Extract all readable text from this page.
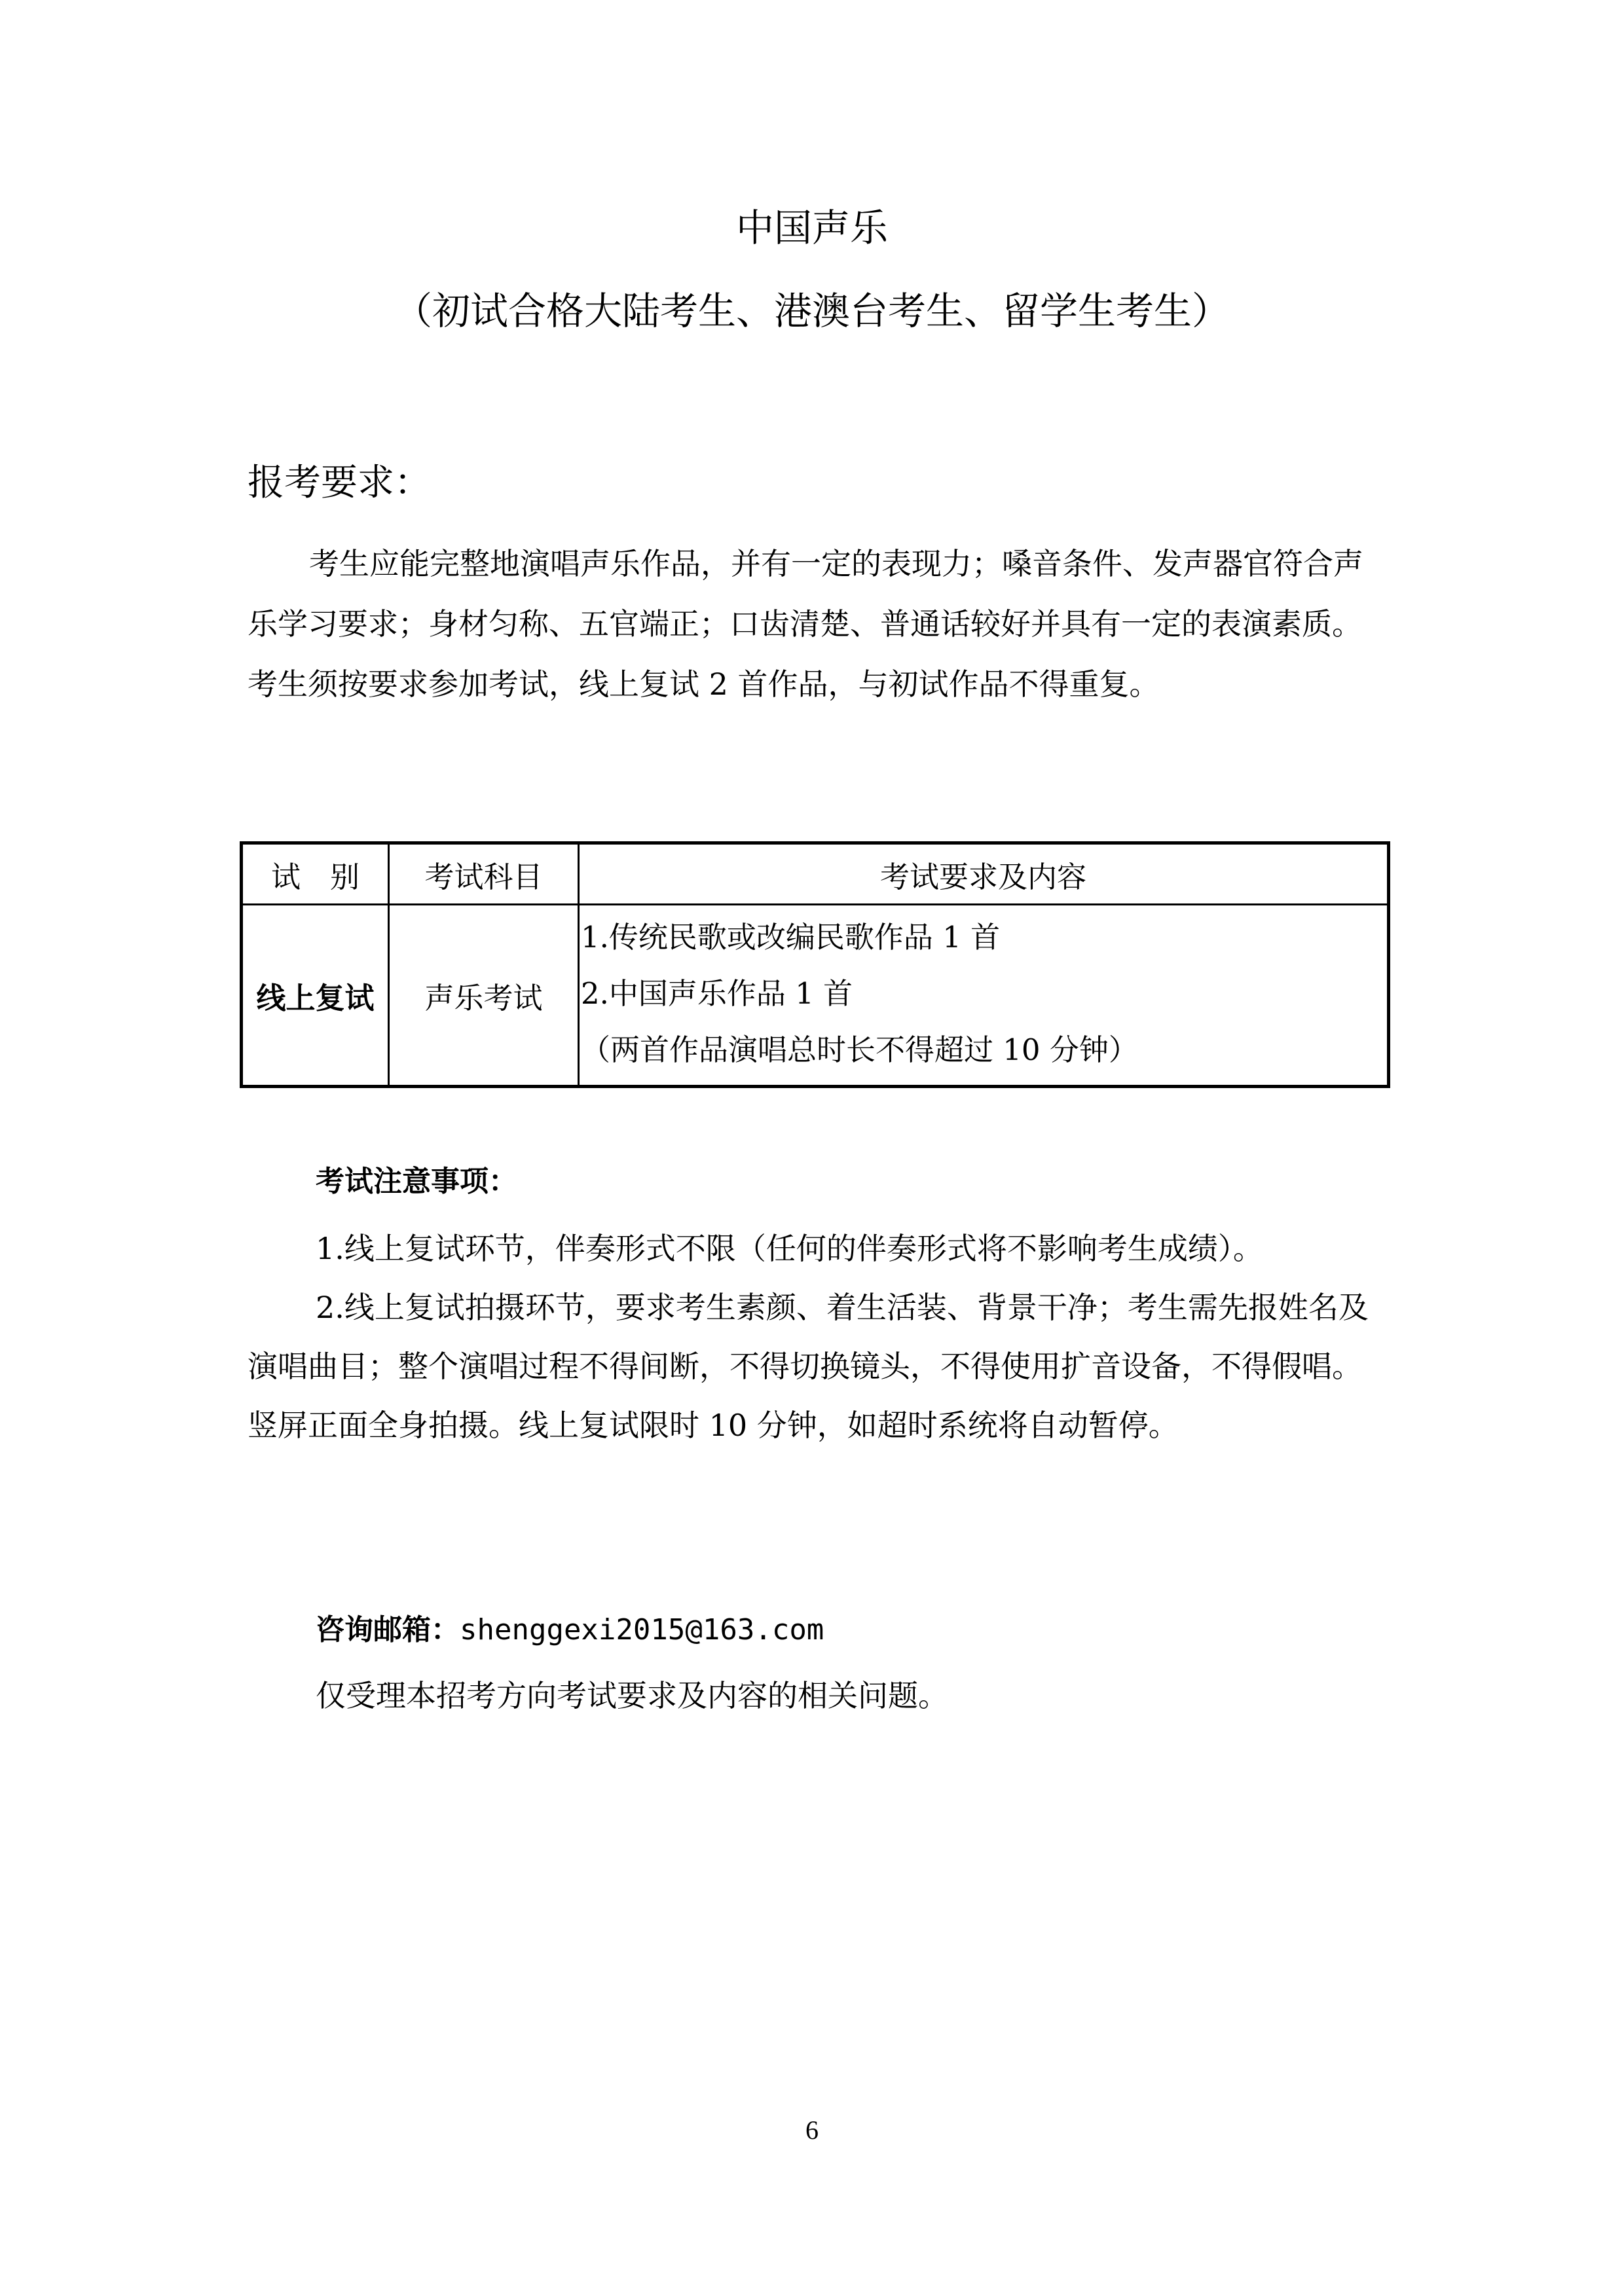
中国声乐
（初试合格大陆考生、港澳台考生、留学生考生）
报考要求：

考生应能完整地演唱声乐作品，并有一定的表现力；嗓音条件、发声器官符合声乐学习要求；身材匀称、五官端正；口齿清楚、普通话较好并具有一定的表演素质。考生须按要求参加考试，线上复试 2 首作品，与初试作品不得重复。

试　别	考试科目	考试要求及内容
线上复试	声乐考试	1.传统民歌或改编民歌作品 1 首
2.中国声乐作品 1 首
（两首作品演唱总时长不得超过 10 分钟）
考试注意事项：

1.线上复试环节，伴奏形式不限（任何的伴奏形式将不影响考生成绩）。

2.线上复试拍摄环节，要求考生素颜、着生活装、背景干净；考生需先报姓名及演唱曲目；整个演唱过程不得间断，不得切换镜头，不得使用扩音设备，不得假唱。 竖屏正面全身拍摄。线上复试限时 10 分钟，如超时系统将自动暂停。

咨询邮箱：shenggexi2015@163.com
仅受理本招考方向考试要求及内容的相关问题。
6
